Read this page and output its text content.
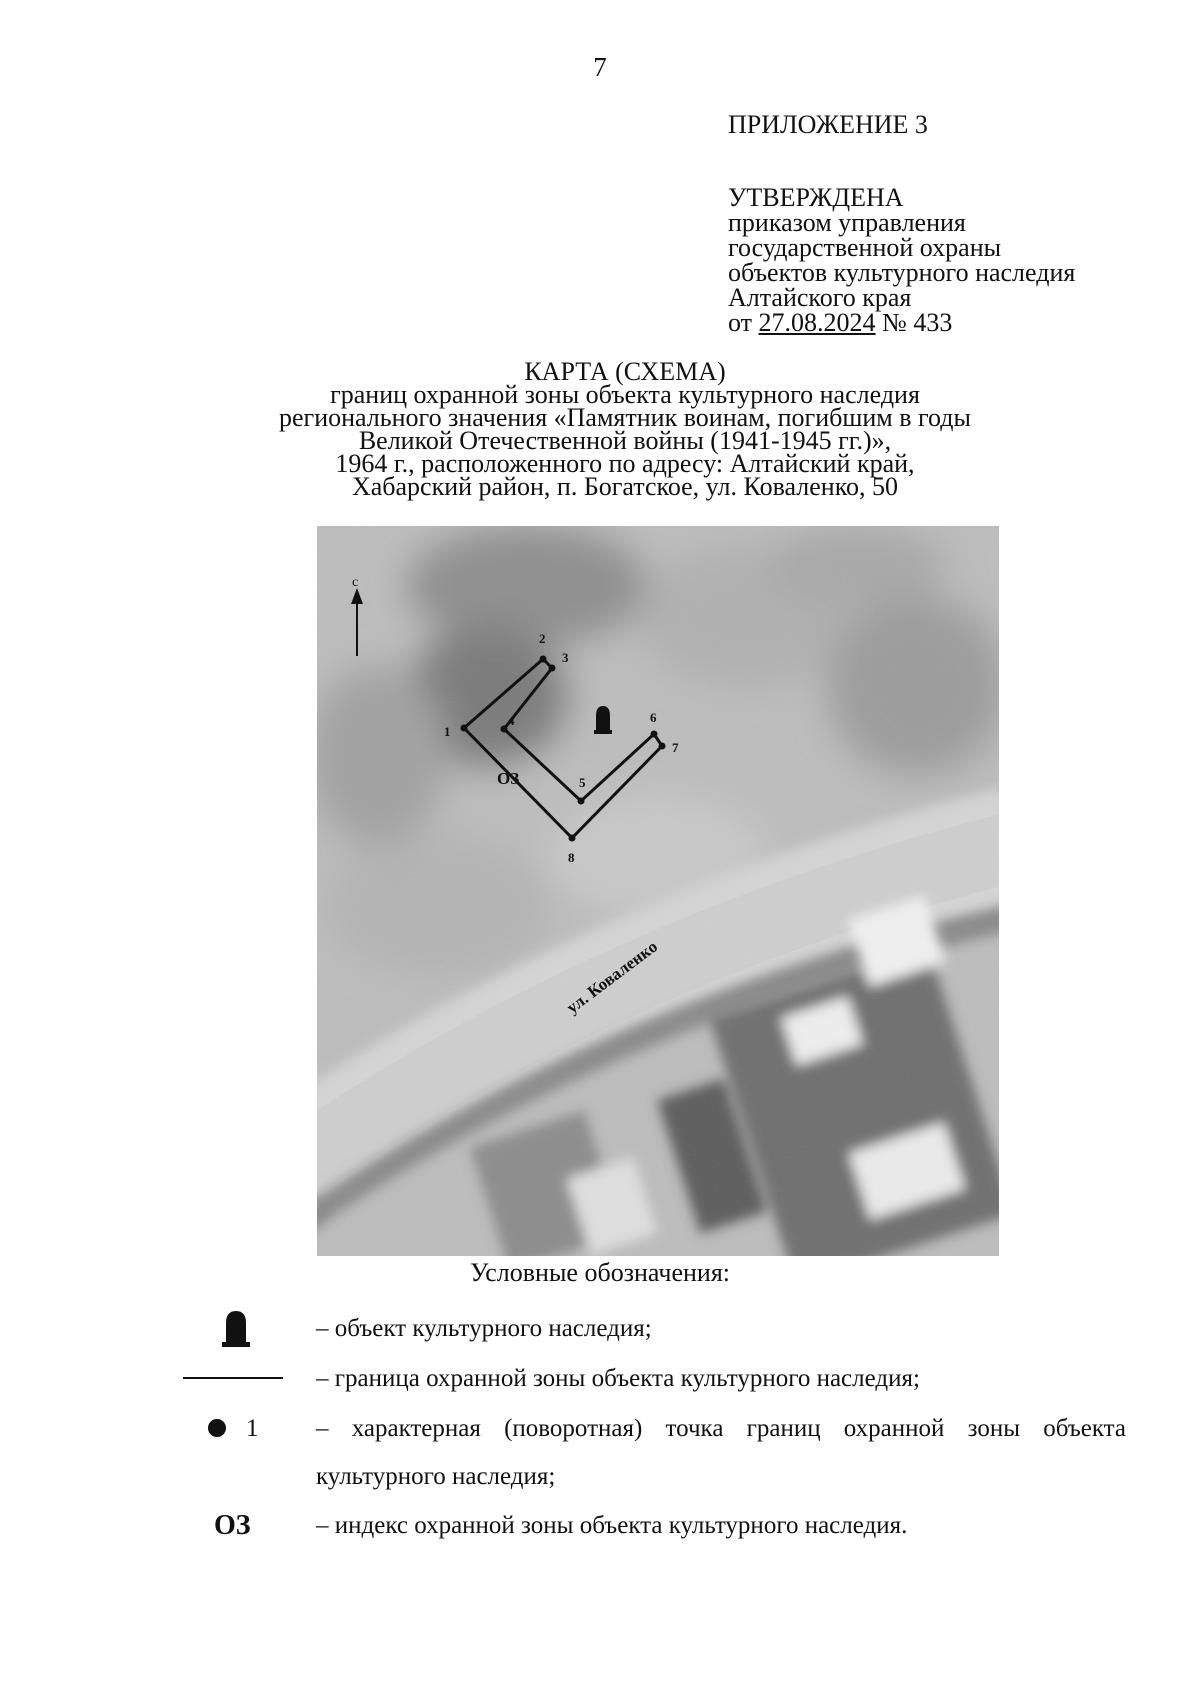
7
ПРИЛОЖЕНИЕ 3
УТВЕРЖДЕНА
приказом управления
государственной охраны
объектов культурного наследия
Алтайского края
от 27.08.2024 № 433
КАРТА (СХЕМА)
границ охранной зоны объекта культурного наследия
регионального значения «Памятник воинам, погибшим в годы
Великой Отечественной войны (1941-1945 гг.)»,
1964 г., расположенного по адресу: Алтайский край,
Хабарский район, п. Богатское, ул. Коваленко, 50
с
1
2
3
4
5
6
7
8
ОЗ
ул. Коваленко
Условные обозначения:
– объект культурного наследия;
– граница охранной зоны объекта культурного наследия;
1 – характерная (поворотная) точка границ охранной зоны объекта культурного наследия;
ОЗ	– индекс охранной зоны объекта культурного наследия.
